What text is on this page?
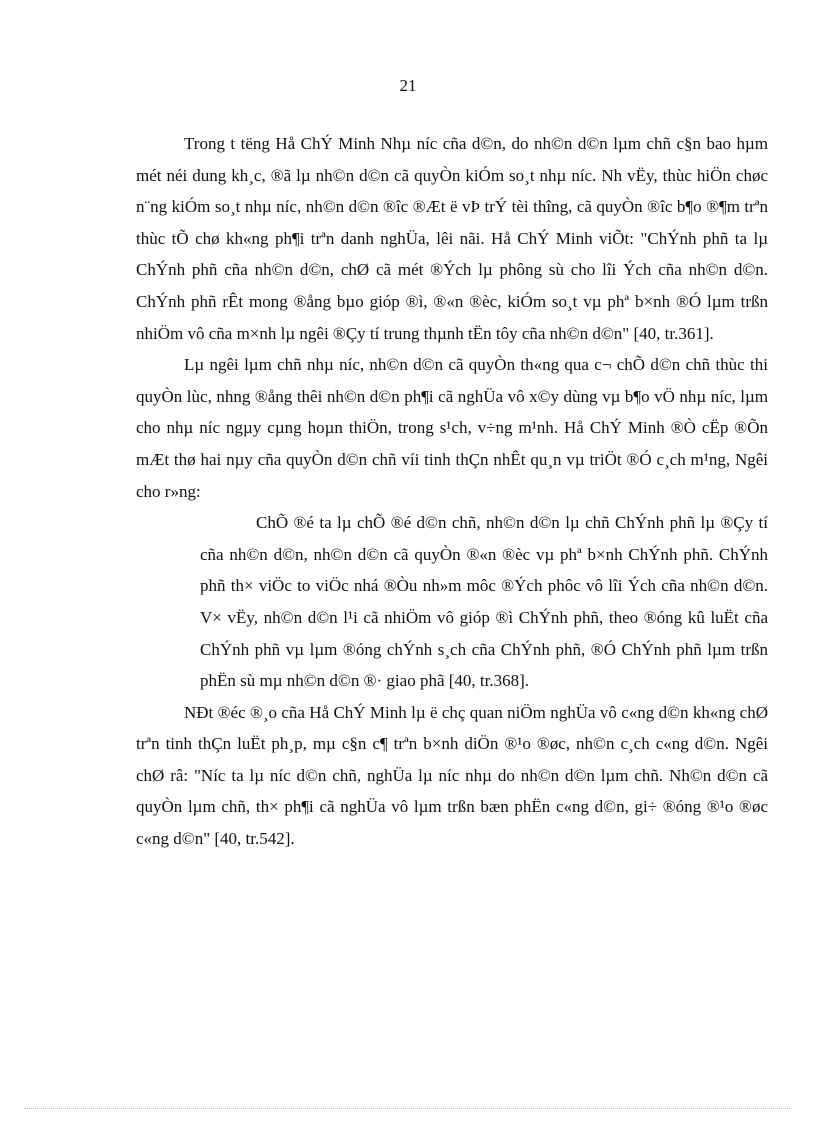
21

Trong t tëng Hå ChÝ Minh Nhµ níc cña d©n, do nh©n d©n lµm chñ c§n bao hµm mét néi dung kh¸c, ®ã lµ nh©n d©n cã quyÒn kiÓm so¸t nhµ níc. Nh vËy, thùc hiÖn chøc n¨ng kiÓm so¸t nhµ níc, nh©n d©n ®îc ®Æt ë vÞ trÝ tèi thîng, cã quyÒn ®îc b¶o ®¶m trªn thùc tÕ chø kh«ng ph¶i trªn danh nghÜa, lêi nãi. Hå ChÝ Minh viÕt: "ChÝnh phñ ta lµ ChÝnh phñ cña nh©n d©n, chØ cã mét ®Ých lµ phông sù cho lîi Ých cña nh©n d©n. ChÝnh phñ rÊt mong ®ång bµo gióp ®ì, ®«n ®èc, kiÓm so¸t vµ phª b×nh ®Ó lµm trßn nhiÖm vô cña m×nh lµ ngêi ®Çy tí trung thµnh tËn tôy cña nh©n d©n" [40, tr.361].

Lµ ngêi lµm chñ nhµ níc, nh©n d©n cã quyÒn th«ng qua c¬ chÕ d©n chñ thùc thi quyÒn lùc, nhng ®ång thêi nh©n d©n ph¶i cã nghÜa vô x©y dùng vµ b¶o vÖ nhµ níc, lµm cho nhµ níc ngµy cµng hoµn thiÖn, trong s¹ch, v÷ng m¹nh. Hå ChÝ Minh ®Ò cËp ®Õn mÆt thø hai nµy cña quyÒn d©n chñ víi tinh thÇn nhÊt qu¸n vµ triÖt ®Ó c¸ch m¹ng, Ngêi cho r»ng:

ChÕ ®é ta lµ chÕ ®é d©n chñ, nh©n d©n lµ chñ ChÝnh phñ lµ ®Çy tí cña nh©n d©n, nh©n d©n cã quyÒn ®«n ®èc vµ phª b×nh ChÝnh phñ. ChÝnh phñ th× viÖc to viÖc nhá ®Òu nh»m môc ®Ých phôc vô lîi Ých cña nh©n d©n. V× vËy, nh©n d©n l¹i cã nhiÖm vô gióp ®ì ChÝnh phñ, theo ®óng kû luËt cña ChÝnh phñ vµ lµm ®óng chÝnh s¸ch cña ChÝnh phñ, ®Ó ChÝnh phñ lµm trßn phËn sù mµ nh©n d©n ®· giao phã [40, tr.368].

NÐt ®éc ®¸o cña Hå ChÝ Minh lµ ë chç quan niÖm nghÜa vô c«ng d©n kh«ng chØ trªn tinh thÇn luËt ph¸p, mµ c§n c¶ trªn b×nh diÖn ®¹o ®øc, nh©n c¸ch c«ng d©n. Ngêi chØ râ: "Níc ta lµ níc d©n chñ, nghÜa lµ níc nhµ do nh©n d©n lµm chñ. Nh©n d©n cã quyÒn lµm chñ, th× ph¶i cã nghÜa vô lµm trßn bæn phËn c«ng d©n, gi÷ ®óng ®¹o ®øc c«ng d©n" [40, tr.542].
